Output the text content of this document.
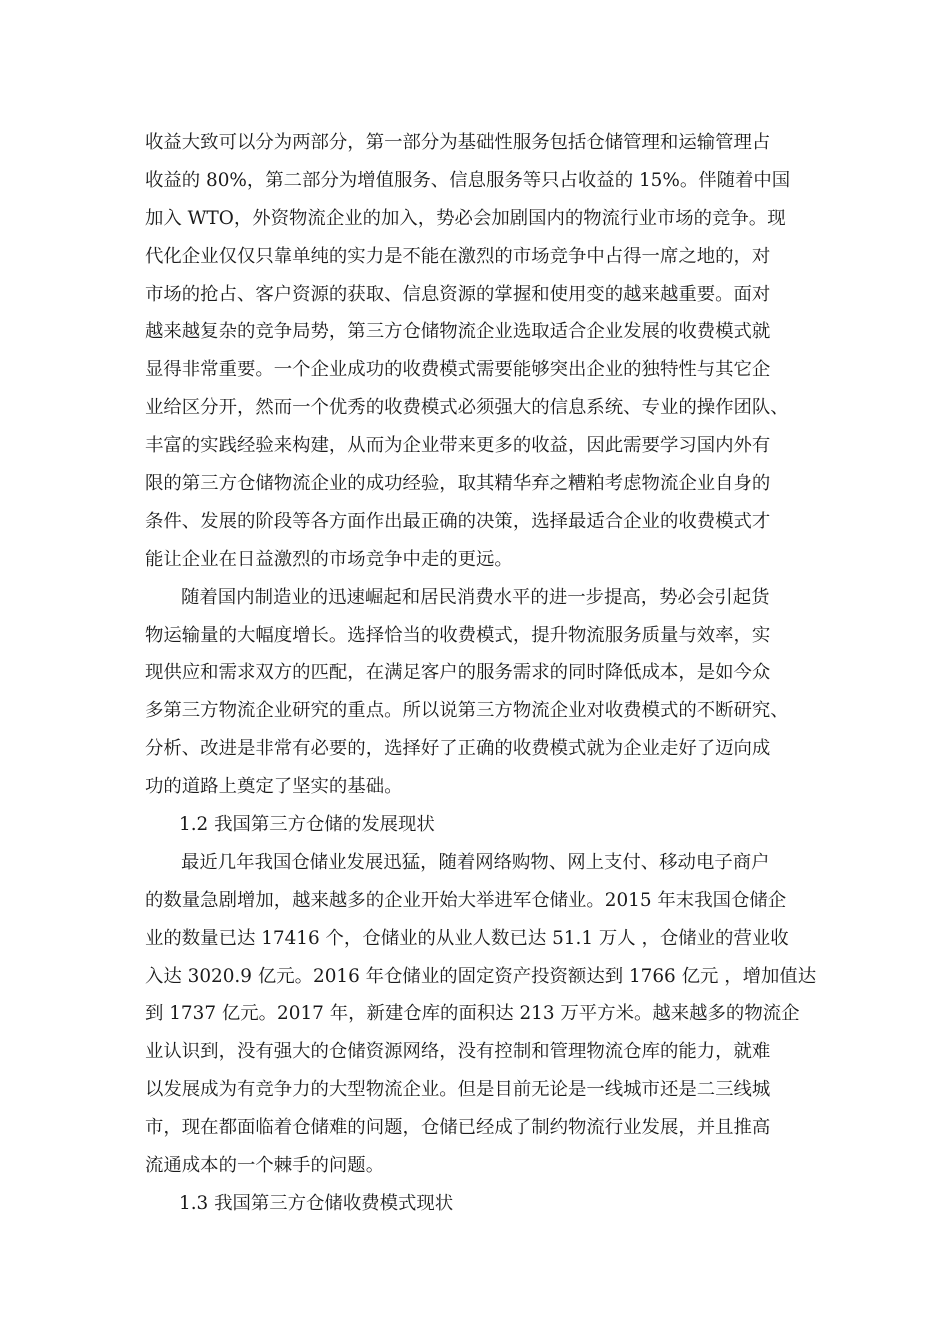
收益大致可以分为两部分，第一部分为基础性服务包括仓储管理和运输管理占
收益的 80%，第二部分为增值服务、信息服务等只占收益的 15%。伴随着中国
加入 WTO，外资物流企业的加入，势必会加剧国内的物流行业市场的竞争。现
代化企业仅仅只靠单纯的实力是不能在激烈的市场竞争中占得一席之地的，对
市场的抢占、客户资源的获取、信息资源的掌握和使用变的越来越重要。面对
越来越复杂的竞争局势，第三方仓储物流企业选取适合企业发展的收费模式就
显得非常重要。一个企业成功的收费模式需要能够突出企业的独特性与其它企
业给区分开，然而一个优秀的收费模式必须强大的信息系统、专业的操作团队、
丰富的实践经验来构建，从而为企业带来更多的收益，因此需要学习国内外有
限的第三方仓储物流企业的成功经验，取其精华弃之糟粕考虑物流企业自身的
条件、发展的阶段等各方面作出最正确的决策，选择最适合企业的收费模式才
能让企业在日益激烈的市场竞争中走的更远。
随着国内制造业的迅速崛起和居民消费水平的进一步提高，势必会引起货
物运输量的大幅度增长。选择恰当的收费模式，提升物流服务质量与效率，实
现供应和需求双方的匹配，在满足客户的服务需求的同时降低成本，是如今众
多第三方物流企业研究的重点。所以说第三方物流企业对收费模式的不断研究、
分析、改进是非常有必要的，选择好了正确的收费模式就为企业走好了迈向成
功的道路上奠定了坚实的基础。
1.2 我国第三方仓储的发展现状
最近几年我国仓储业发展迅猛，随着网络购物、网上支付、移动电子商户
的数量急剧增加，越来越多的企业开始大举进军仓储业。2015 年末我国仓储企
业的数量已达 17416 个，仓储业的从业人数已达 51.1 万人 ，仓储业的营业收
入达 3020.9 亿元。2016 年仓储业的固定资产投资额达到 1766 亿元 ，增加值达
到 1737 亿元。2017 年，新建仓库的面积达 213 万平方米。越来越多的物流企
业认识到，没有强大的仓储资源网络，没有控制和管理物流仓库的能力，就难
以发展成为有竞争力的大型物流企业。但是目前无论是一线城市还是二三线城
市，现在都面临着仓储难的问题，仓储已经成了制约物流行业发展，并且推高
流通成本的一个棘手的问题。
1.3 我国第三方仓储收费模式现状
